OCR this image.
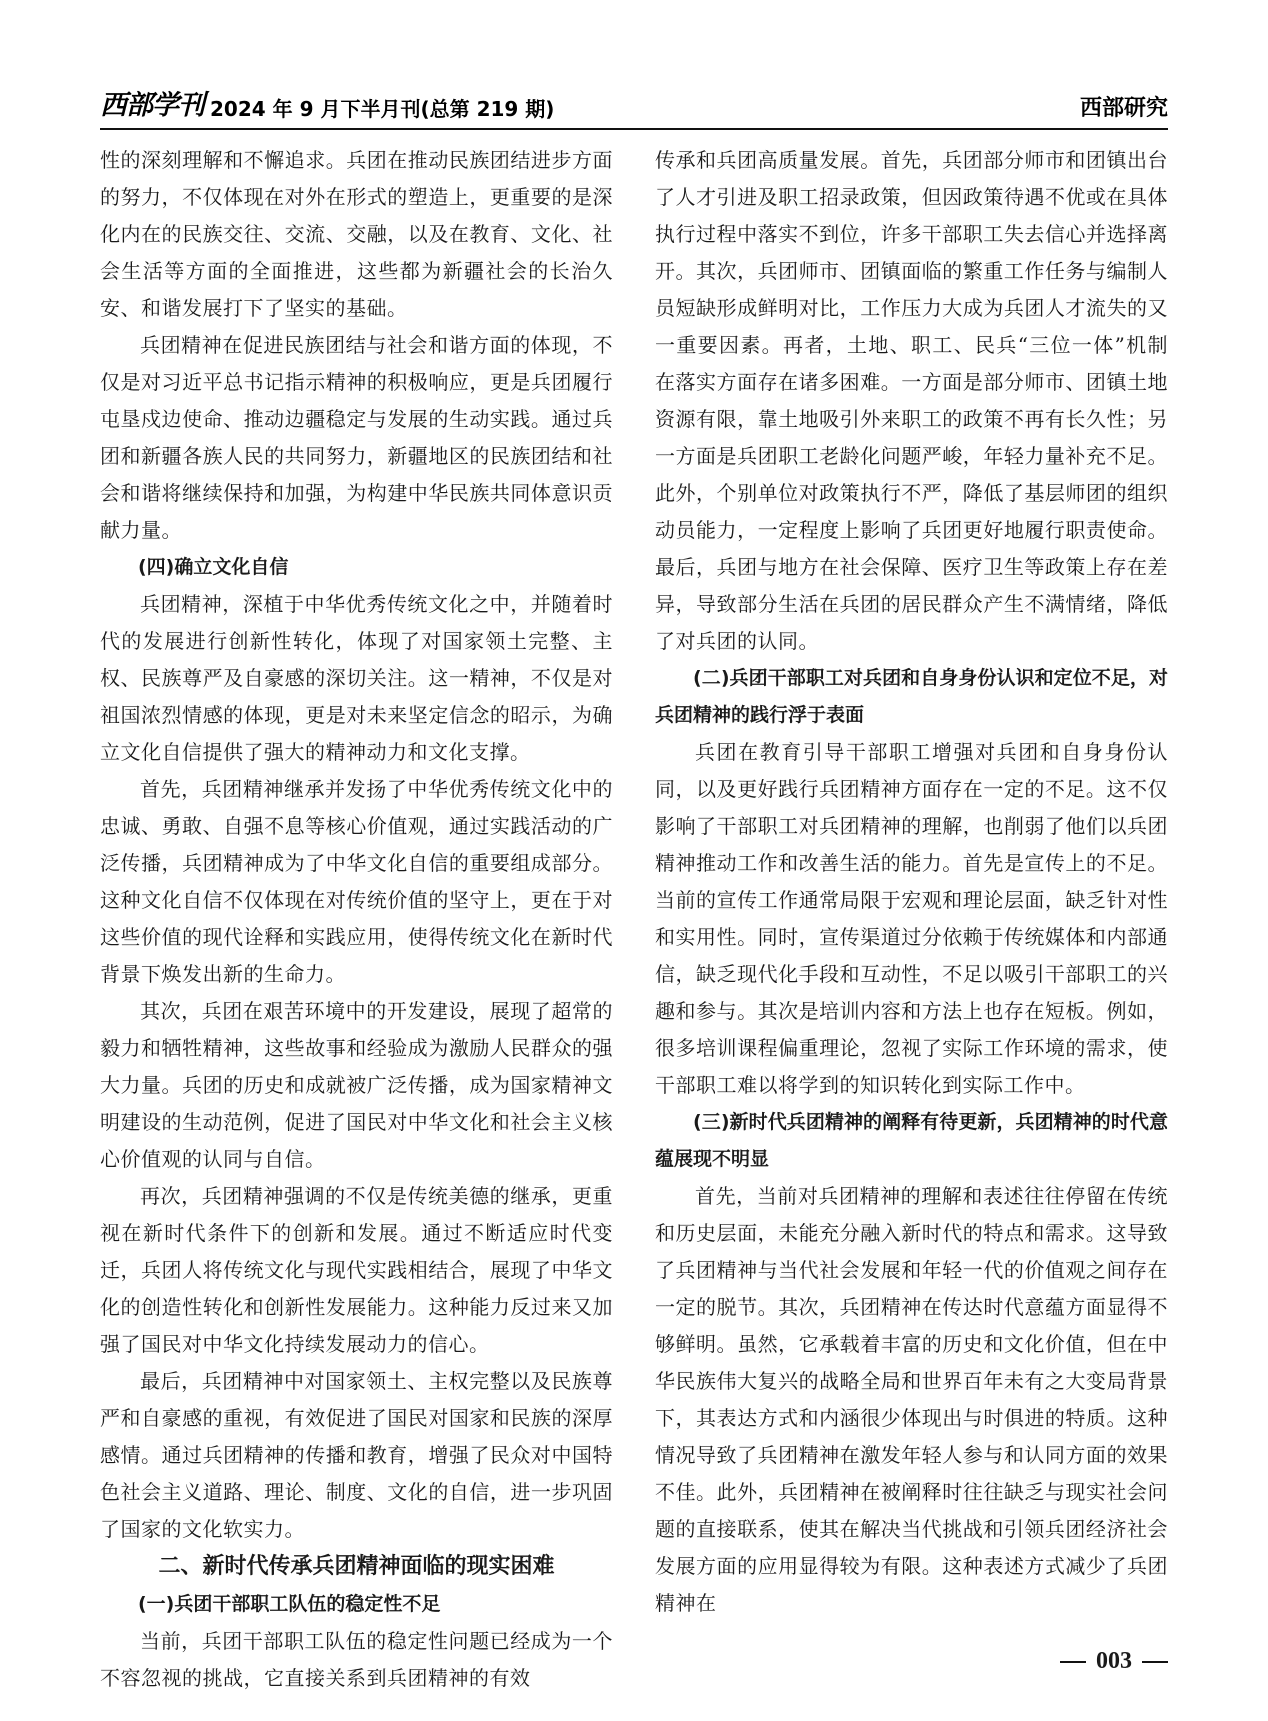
西部学刊 2024 年 9 月下半月刊(总第 219 期)	西部研究

性的深刻理解和不懈追求。兵团在推动民族团结进步方面的努力，不仅体现在对外在形式的塑造上，更重要的是深化内在的民族交往、交流、交融，以及在教育、文化、社会生活等方面的全面推进，这些都为新疆社会的长治久安、和谐发展打下了坚实的基础。

兵团精神在促进民族团结与社会和谐方面的体现，不仅是对习近平总书记指示精神的积极响应，更是兵团履行屯垦戍边使命、推动边疆稳定与发展的生动实践。通过兵团和新疆各族人民的共同努力，新疆地区的民族团结和社会和谐将继续保持和加强，为构建中华民族共同体意识贡献力量。

(四)确立文化自信

兵团精神，深植于中华优秀传统文化之中，并随着时代的发展进行创新性转化，体现了对国家领土完整、主权、民族尊严及自豪感的深切关注。这一精神，不仅是对祖国浓烈情感的体现，更是对未来坚定信念的昭示，为确立文化自信提供了强大的精神动力和文化支撑。

首先，兵团精神继承并发扬了中华优秀传统文化中的忠诚、勇敢、自强不息等核心价值观，通过实践活动的广泛传播，兵团精神成为了中华文化自信的重要组成部分。这种文化自信不仅体现在对传统价值的坚守上，更在于对这些价值的现代诠释和实践应用，使得传统文化在新时代背景下焕发出新的生命力。

其次，兵团在艰苦环境中的开发建设，展现了超常的毅力和牺牲精神，这些故事和经验成为激励人民群众的强大力量。兵团的历史和成就被广泛传播，成为国家精神文明建设的生动范例，促进了国民对中华文化和社会主义核心价值观的认同与自信。

再次，兵团精神强调的不仅是传统美德的继承，更重视在新时代条件下的创新和发展。通过不断适应时代变迁，兵团人将传统文化与现代实践相结合，展现了中华文化的创造性转化和创新性发展能力。这种能力反过来又加强了国民对中华文化持续发展动力的信心。

最后，兵团精神中对国家领土、主权完整以及民族尊严和自豪感的重视，有效促进了国民对国家和民族的深厚感情。通过兵团精神的传播和教育，增强了民众对中国特色社会主义道路、理论、制度、文化的自信，进一步巩固了国家的文化软实力。

二、新时代传承兵团精神面临的现实困难
(一)兵团干部职工队伍的稳定性不足

当前，兵团干部职工队伍的稳定性问题已经成为一个不容忽视的挑战，它直接关系到兵团精神的有效

传承和兵团高质量发展。首先，兵团部分师市和团镇出台了人才引进及职工招录政策，但因政策待遇不优或在具体执行过程中落实不到位，许多干部职工失去信心并选择离开。其次，兵团师市、团镇面临的繁重工作任务与编制人员短缺形成鲜明对比，工作压力大成为兵团人才流失的又一重要因素。再者，土地、职工、民兵“三位一体”机制在落实方面存在诸多困难。一方面是部分师市、团镇土地资源有限，靠土地吸引外来职工的政策不再有长久性；另一方面是兵团职工老龄化问题严峻，年轻力量补充不足。此外，个别单位对政策执行不严，降低了基层师团的组织动员能力，一定程度上影响了兵团更好地履行职责使命。最后，兵团与地方在社会保障、医疗卫生等政策上存在差异，导致部分生活在兵团的居民群众产生不满情绪，降低了对兵团的认同。

(二)兵团干部职工对兵团和自身身份认识和定位不足，对兵团精神的践行浮于表面

兵团在教育引导干部职工增强对兵团和自身身份认同，以及更好践行兵团精神方面存在一定的不足。这不仅影响了干部职工对兵团精神的理解，也削弱了他们以兵团精神推动工作和改善生活的能力。首先是宣传上的不足。当前的宣传工作通常局限于宏观和理论层面，缺乏针对性和实用性。同时，宣传渠道过分依赖于传统媒体和内部通信，缺乏现代化手段和互动性，不足以吸引干部职工的兴趣和参与。其次是培训内容和方法上也存在短板。例如，很多培训课程偏重理论，忽视了实际工作环境的需求，使干部职工难以将学到的知识转化到实际工作中。

(三)新时代兵团精神的阐释有待更新，兵团精神的时代意蕴展现不明显

首先，当前对兵团精神的理解和表述往往停留在传统和历史层面，未能充分融入新时代的特点和需求。这导致了兵团精神与当代社会发展和年轻一代的价值观之间存在一定的脱节。其次，兵团精神在传达时代意蕴方面显得不够鲜明。虽然，它承载着丰富的历史和文化价值，但在中华民族伟大复兴的战略全局和世界百年未有之大变局背景下，其表达方式和内涵很少体现出与时俱进的特质。这种情况导致了兵团精神在激发年轻人参与和认同方面的效果不佳。此外，兵团精神在被阐释时往往缺乏与现实社会问题的直接联系，使其在解决当代挑战和引领兵团经济社会发展方面的应用显得较为有限。这种表述方式减少了兵团精神在

003
